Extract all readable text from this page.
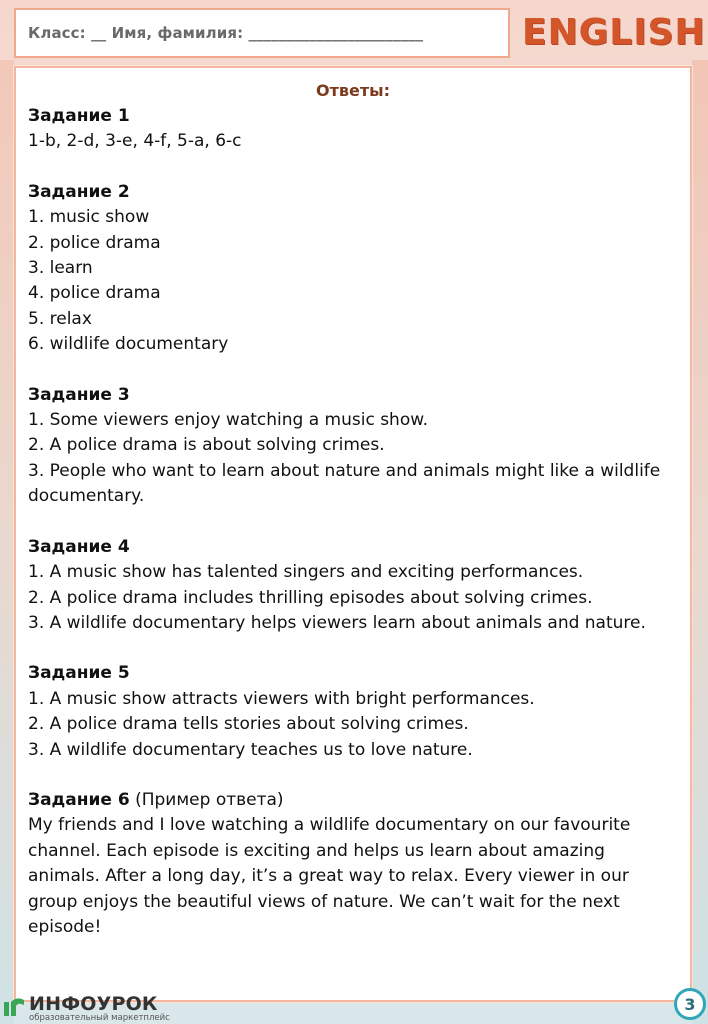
Класс: __ Имя, фамилия: _______________________	ENGLISH
Ответы:
Задание 1
1-b, 2-d, 3-e, 4-f, 5-a, 6-c
Задание 2
1. music show
2. police drama
3. learn
4. police drama
5. relax
6. wildlife documentary
Задание 3
1. Some viewers enjoy watching a music show.
2. A police drama is about solving crimes.
3. People who want to learn about nature and animals might like a wildlife documentary.
Задание 4
1. A music show has talented singers and exciting performances.
2. A police drama includes thrilling episodes about solving crimes.
3. A wildlife documentary helps viewers learn about animals and nature.
Задание 5
1. A music show attracts viewers with bright performances.
2. A police drama tells stories about solving crimes.
3. A wildlife documentary teaches us to love nature.
Задание 6 (Пример ответа)
My friends and I love watching a wildlife documentary on our favourite channel. Each episode is exciting and helps us learn about amazing animals. After a long day, it’s a great way to relax. Every viewer in our group enjoys the beautiful views of nature. We can’t wait for the next episode!
ИНФОУРОК
образовательный маркетплейс
3
